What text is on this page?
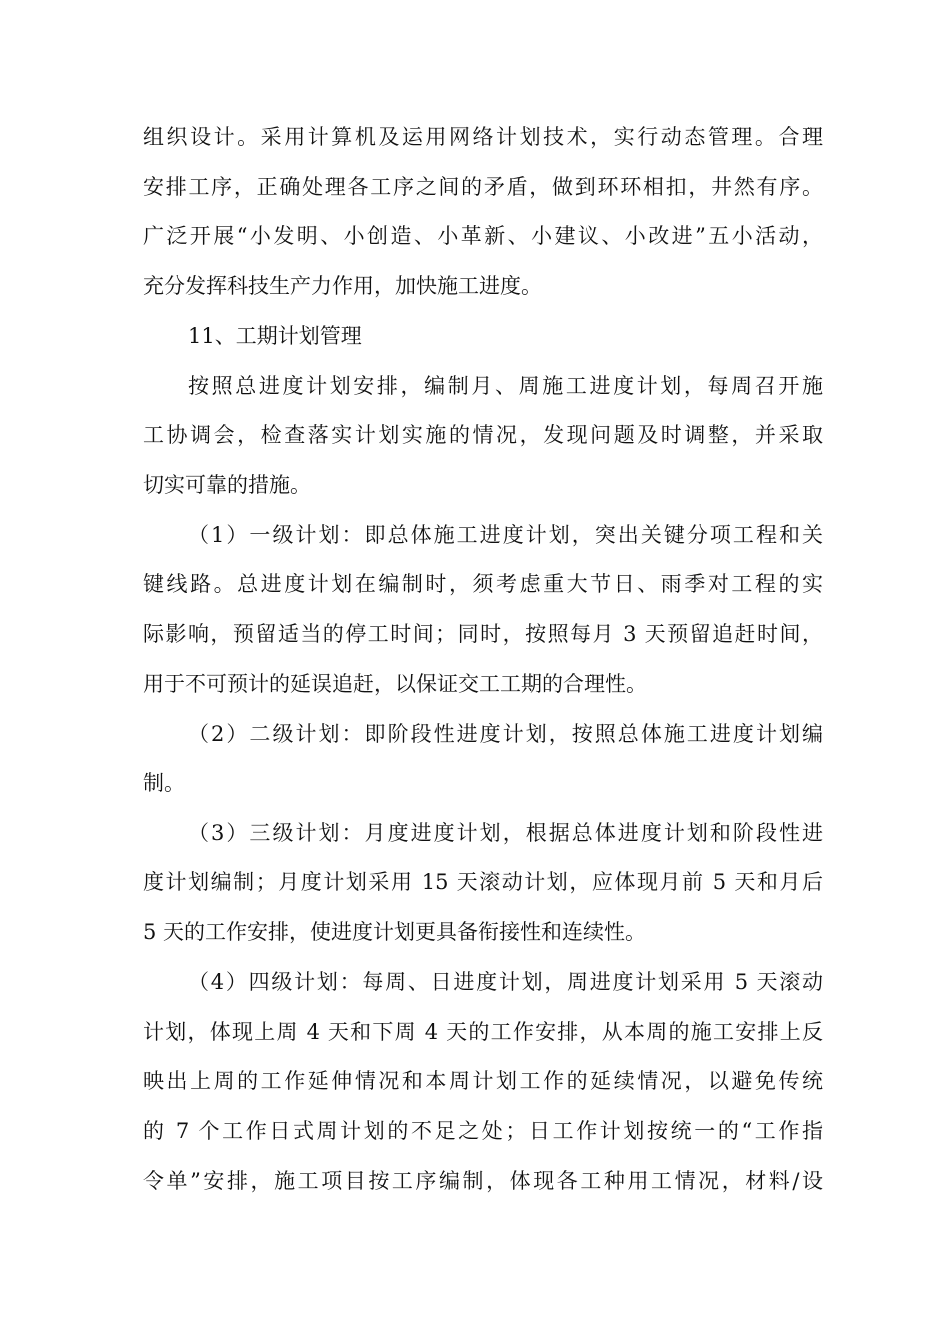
组织设计。采用计算机及运用网络计划技术，实行动态管理。合理
安排工序，正确处理各工序之间的矛盾，做到环环相扣，井然有序。
广泛开展“小发明、小创造、小革新、小建议、小改进”五小活动，
充分发挥科技生产力作用，加快施工进度。
11、工期计划管理
按照总进度计划安排，编制月、周施工进度计划，每周召开施
工协调会，检查落实计划实施的情况，发现问题及时调整，并采取
切实可靠的措施。
（1）一级计划：即总体施工进度计划，突出关键分项工程和关
键线路。总进度计划在编制时，须考虑重大节日、雨季对工程的实
际影响，预留适当的停工时间；同时，按照每月 3 天预留追赶时间，
用于不可预计的延误追赶，以保证交工工期的合理性。
（2）二级计划：即阶段性进度计划，按照总体施工进度计划编
制。
（3）三级计划：月度进度计划，根据总体进度计划和阶段性进
度计划编制；月度计划采用 15 天滚动计划，应体现月前 5 天和月后
5 天的工作安排，使进度计划更具备衔接性和连续性。
（4）四级计划：每周、日进度计划，周进度计划采用 5 天滚动
计划，体现上周 4 天和下周 4 天的工作安排，从本周的施工安排上反
映出上周的工作延伸情况和本周计划工作的延续情况，以避免传统
的 7 个工作日式周计划的不足之处；日工作计划按统一的“工作指
令单”安排，施工项目按工序编制，体现各工种用工情况，材料/设
